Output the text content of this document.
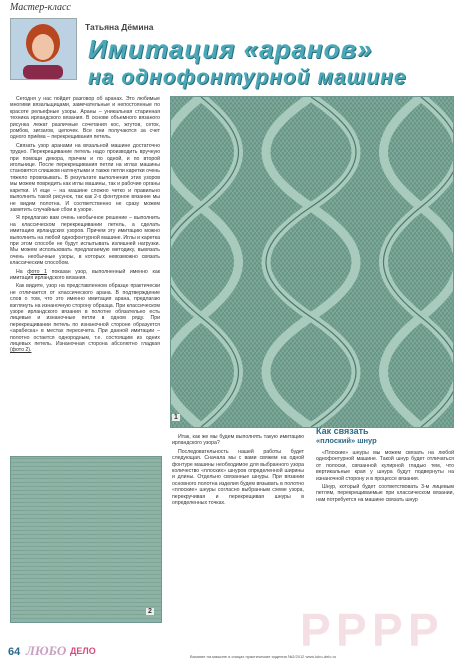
Мастер-класс
Татьяна Дёмина
Имитация «аранов»
на однофонтурной машине

Сегодня у нас пойдет разговор об аранах. Это любимые многими вязальщицами, замечательные и непостоянные по красоте рельефные узоры. Араны – уникальная старинная техника ирландского вязания. В основе объемного вязаного рисунка лежат различные сочетания кос, жгутов, сеток, ромбов, зигзагов, цепочек. Все они получаются за счет одного приёма – перекрещивания петель.

Связать узор аранами на вязальной машине достаточно трудно. Перекрещивание петель надо производить вручную при помощи декора, причем и по одной, и по второй игольнице. После перекрещивания петли на иглах машины становятся слишком натянутыми и также петли каретки очень тяжело провязывать. В результате выполнения этих узоров мы можем повредить как иглы машины, так и рабочие органы каретки. И еще – на машине сложно четко и правильно выполнить такой рисунок, так как 2-х фонтурное вязание мы не видим полотна. И соответственно не сразу можем заметить случайные сбои в узоре.

Я предлагаю вам очень необычное решение – выполнить на классическом перекрещивании петель, а сделать имитацию ирландских узоров. Причем эту имитацию можно выполнить на любой однофонтурной машине. Иглы и каретка при этом способе не будут испытывать излишней нагрузки. Мы можем использовать предлагаемую методику, вывязать очень необычные узоры, в которых невозможно связать классическим способом.

На фото 1 показан узор, выполненный именно как имитация ирландского вязания.

Как видите, узор на представленном образце практически не отличается от классического арана. В подтверждение слов о том, что это именно имитация арана, предлагаю взглянуть на изнаночную сторону образца. При классическом узоре ирландского вязания в полотне обязательно есть лицевые и изнаночные петли в одном ряду. При перекрещивании петель по изнаночной стороне образуется «арабеска» в местах пересечета. При данной имитации – полотно остается однородным, т.е. состоящим из одних лицевых петель. Изнаночная сторона абсолютно гладкая (фото 2).

1
2

Итак, как же мы будем выполнять такую имитацию ирландского узора?

Последовательность нашей работы будет следующая. Сначала мы с вами свяжем на одной фонтуре машины необходимое для выбранного узора количество «плоских» шнуров определенной ширины и длины. Отдельно связанные шнуры. При вязании основного полотна изделия будем вязывать в полотно «плоские» шнуры согласно выбранным схеме узора, перекручивая и перекрещивая шнуры в определенных точках.

Как связать
«плоский» шнур

«Плоские» шнуры мы можем связать на любой однофонтурной машине. Такой шнур будет отличаться от полоски, связанной кулирной гладью тем, что вертикальные края у шнура будут подвернуты на изнаночной сторону и в процессе вязания.

Шнур, который будет соответствовать 3-м лицевым петлям, перекрещиваемые при классическом вязании, нам потребуется на машине связать шнур

P P P P
64 ЛЮБО ДЕЛО
Вязание на машине и спицах практические изделия №2/2012 www.lubo-delo.ru
